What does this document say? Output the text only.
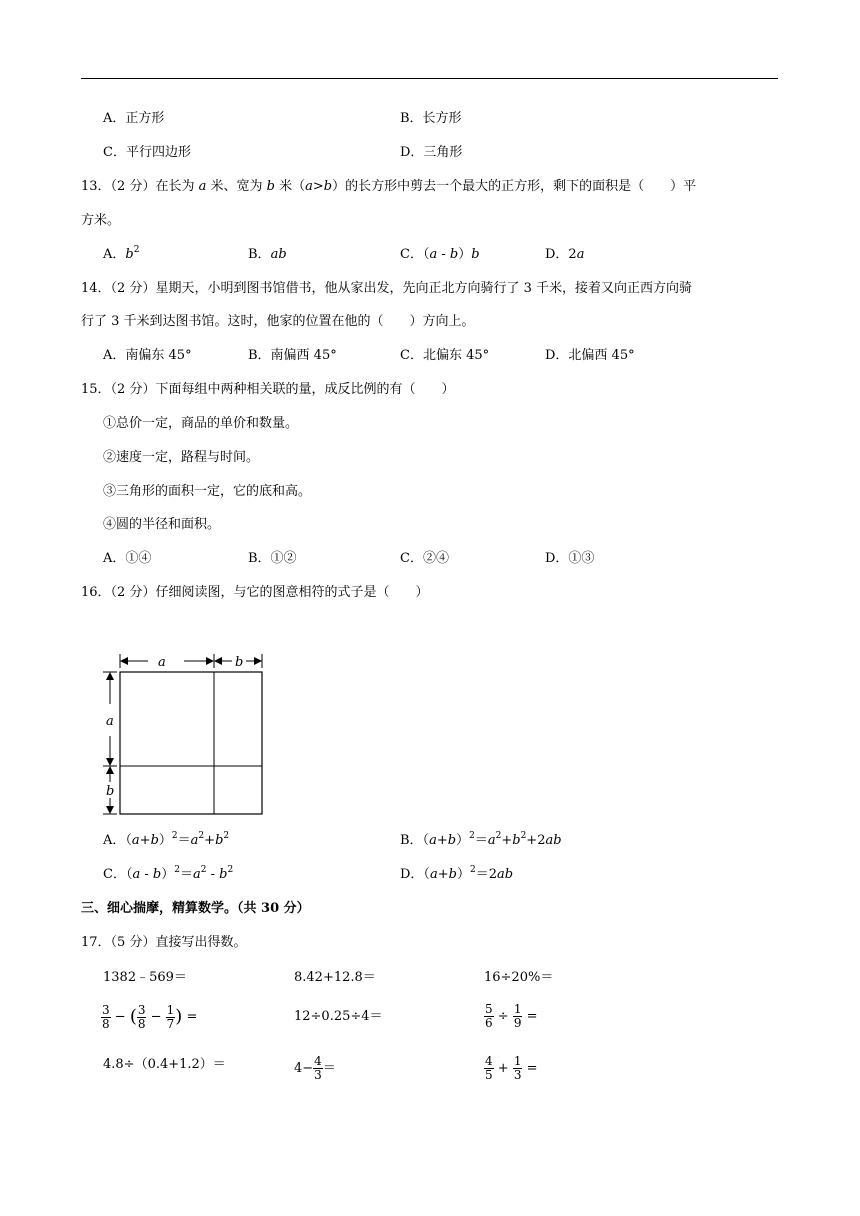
A．正方形	B．长方形
C．平行四边形	D．三角形
13．（2 分）在长为 a 米、宽为 b 米（a>b）的长方形中剪去一个最大的正方形，剩下的面积是（　　）平
方米。
A．$b^2$	B．ab	C．（a - b）b	D．2a
14．（2 分）星期天，小明到图书馆借书，他从家出发，先向正北方向骑行了 3 千米，接着又向正西方向骑
行了 3 千米到达图书馆。这时，他家的位置在他的（　　）方向上。
A．南偏东 45°	B．南偏西 45°	C．北偏东 45°	D．北偏西 45°
15．（2 分）下面每组中两种相关联的量，成反比例的有（　　）
①总价一定，商品的单价和数量。
②速度一定，路程与时间。
③三角形的面积一定，它的底和高。
④圆的半径和面积。
A．①④	B．①②	C．②④	D．①③
16．（2 分）仔细阅读图，与它的图意相符的式子是（　　）
a	b
a
b
A．$(a+b)^2=a^2+b^2$	B．$(a+b)^2=a^2+b^2+2ab$
C．$(a - b)^2=a^2 - b^2$	D．$(a+b)^2=2ab$
三、细心揣摩，精算数学。（共 30 分）
17．（5 分）直接写出得数。
1382﹣569＝	8.42+12.8＝	16÷20%＝
$\frac{3}{8}$ − ( $\frac{3}{8} - \frac{1}{7}$ ) =	12÷0.25÷4＝	$\frac{5}{6} \div \frac{1}{9}$ =
4.8÷（0.4+1.2）＝	$4- \frac{4}{3}$ ＝	$\frac{4}{5} + \frac{1}{3}$ =
